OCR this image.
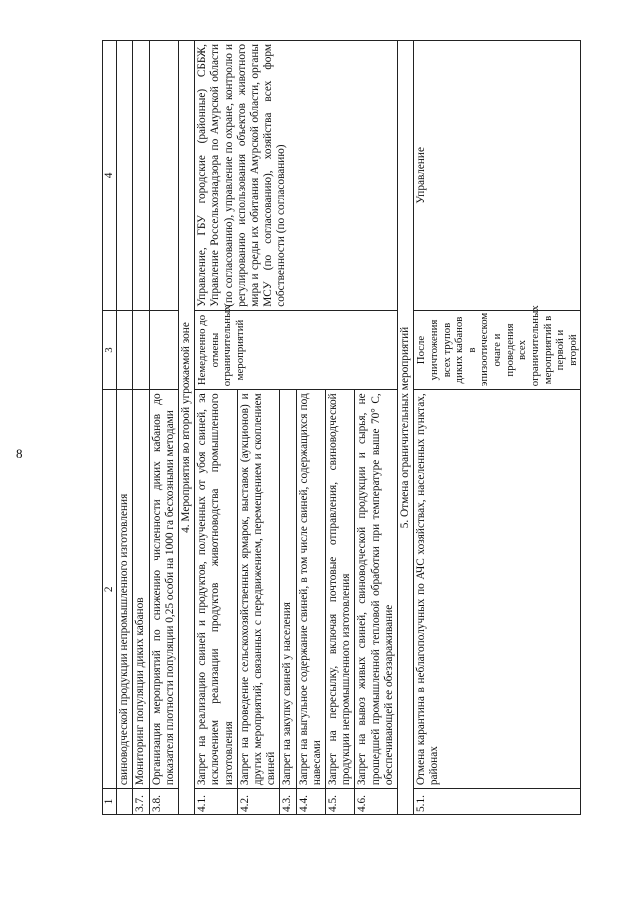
8
1	2	3	4
	свиноводческой продукции непромышленного изготовления		
3.7.	Мониторинг популяции диких кабанов		
3.8.	Организация мероприятий по снижению численности диких кабанов до показателя плотности популяции 0,25 особи на 1000 га бесхозными методами		
4. Мероприятия во второй угрожаемой зоне			
4.1.	Запрет на реализацию свиней и продуктов, полученных от убоя свиней, за исключением реализации продуктов животноводства промышленного изготовления	Немедленно до отмены ограничительных мероприятий	Управление, ГБУ городские (районные) СББЖ, Управление Россельхознадзора по Амурской области (по согласованию), управление по охране, контролю и регулированию использования объектов животного мира и среды их обитания Амурской области, органы МСУ (по согласованию), хозяйства всех форм собственности (по согласованию)
4.2.	Запрет на проведение сельскохозяйственных ярмарок, выставок (аукционов) и других мероприятий, связанных с передвижением, перемещением и скоплением свиней		
4.3.	Запрет на закупку свиней у населения		
4.4.	Запрет на выгульное содержание свиней, в том числе свиней, содержащихся под навесами		
4.5.	Запрет на пересылку, включая почтовые отправления, свиноводческой продукции непромышленного изготовления		
4.6.	Запрет на вывоз живых свиней, свиноводческой продукции и сырья, не прошедшей промышленной тепловой обработки при температуре выше 70° С, обеспечивающей ее обеззараживание		
5. Отмена ограничительных мероприятий			
5.1.	Отмена карантина в неблагополучных по АЧС хозяйствах, населенных пунктах, районах	После уничтожения всех трупов диких кабанов в эпизоотическом очаге и проведения всех ограничительных мероприятий в первой и второй	Управление
